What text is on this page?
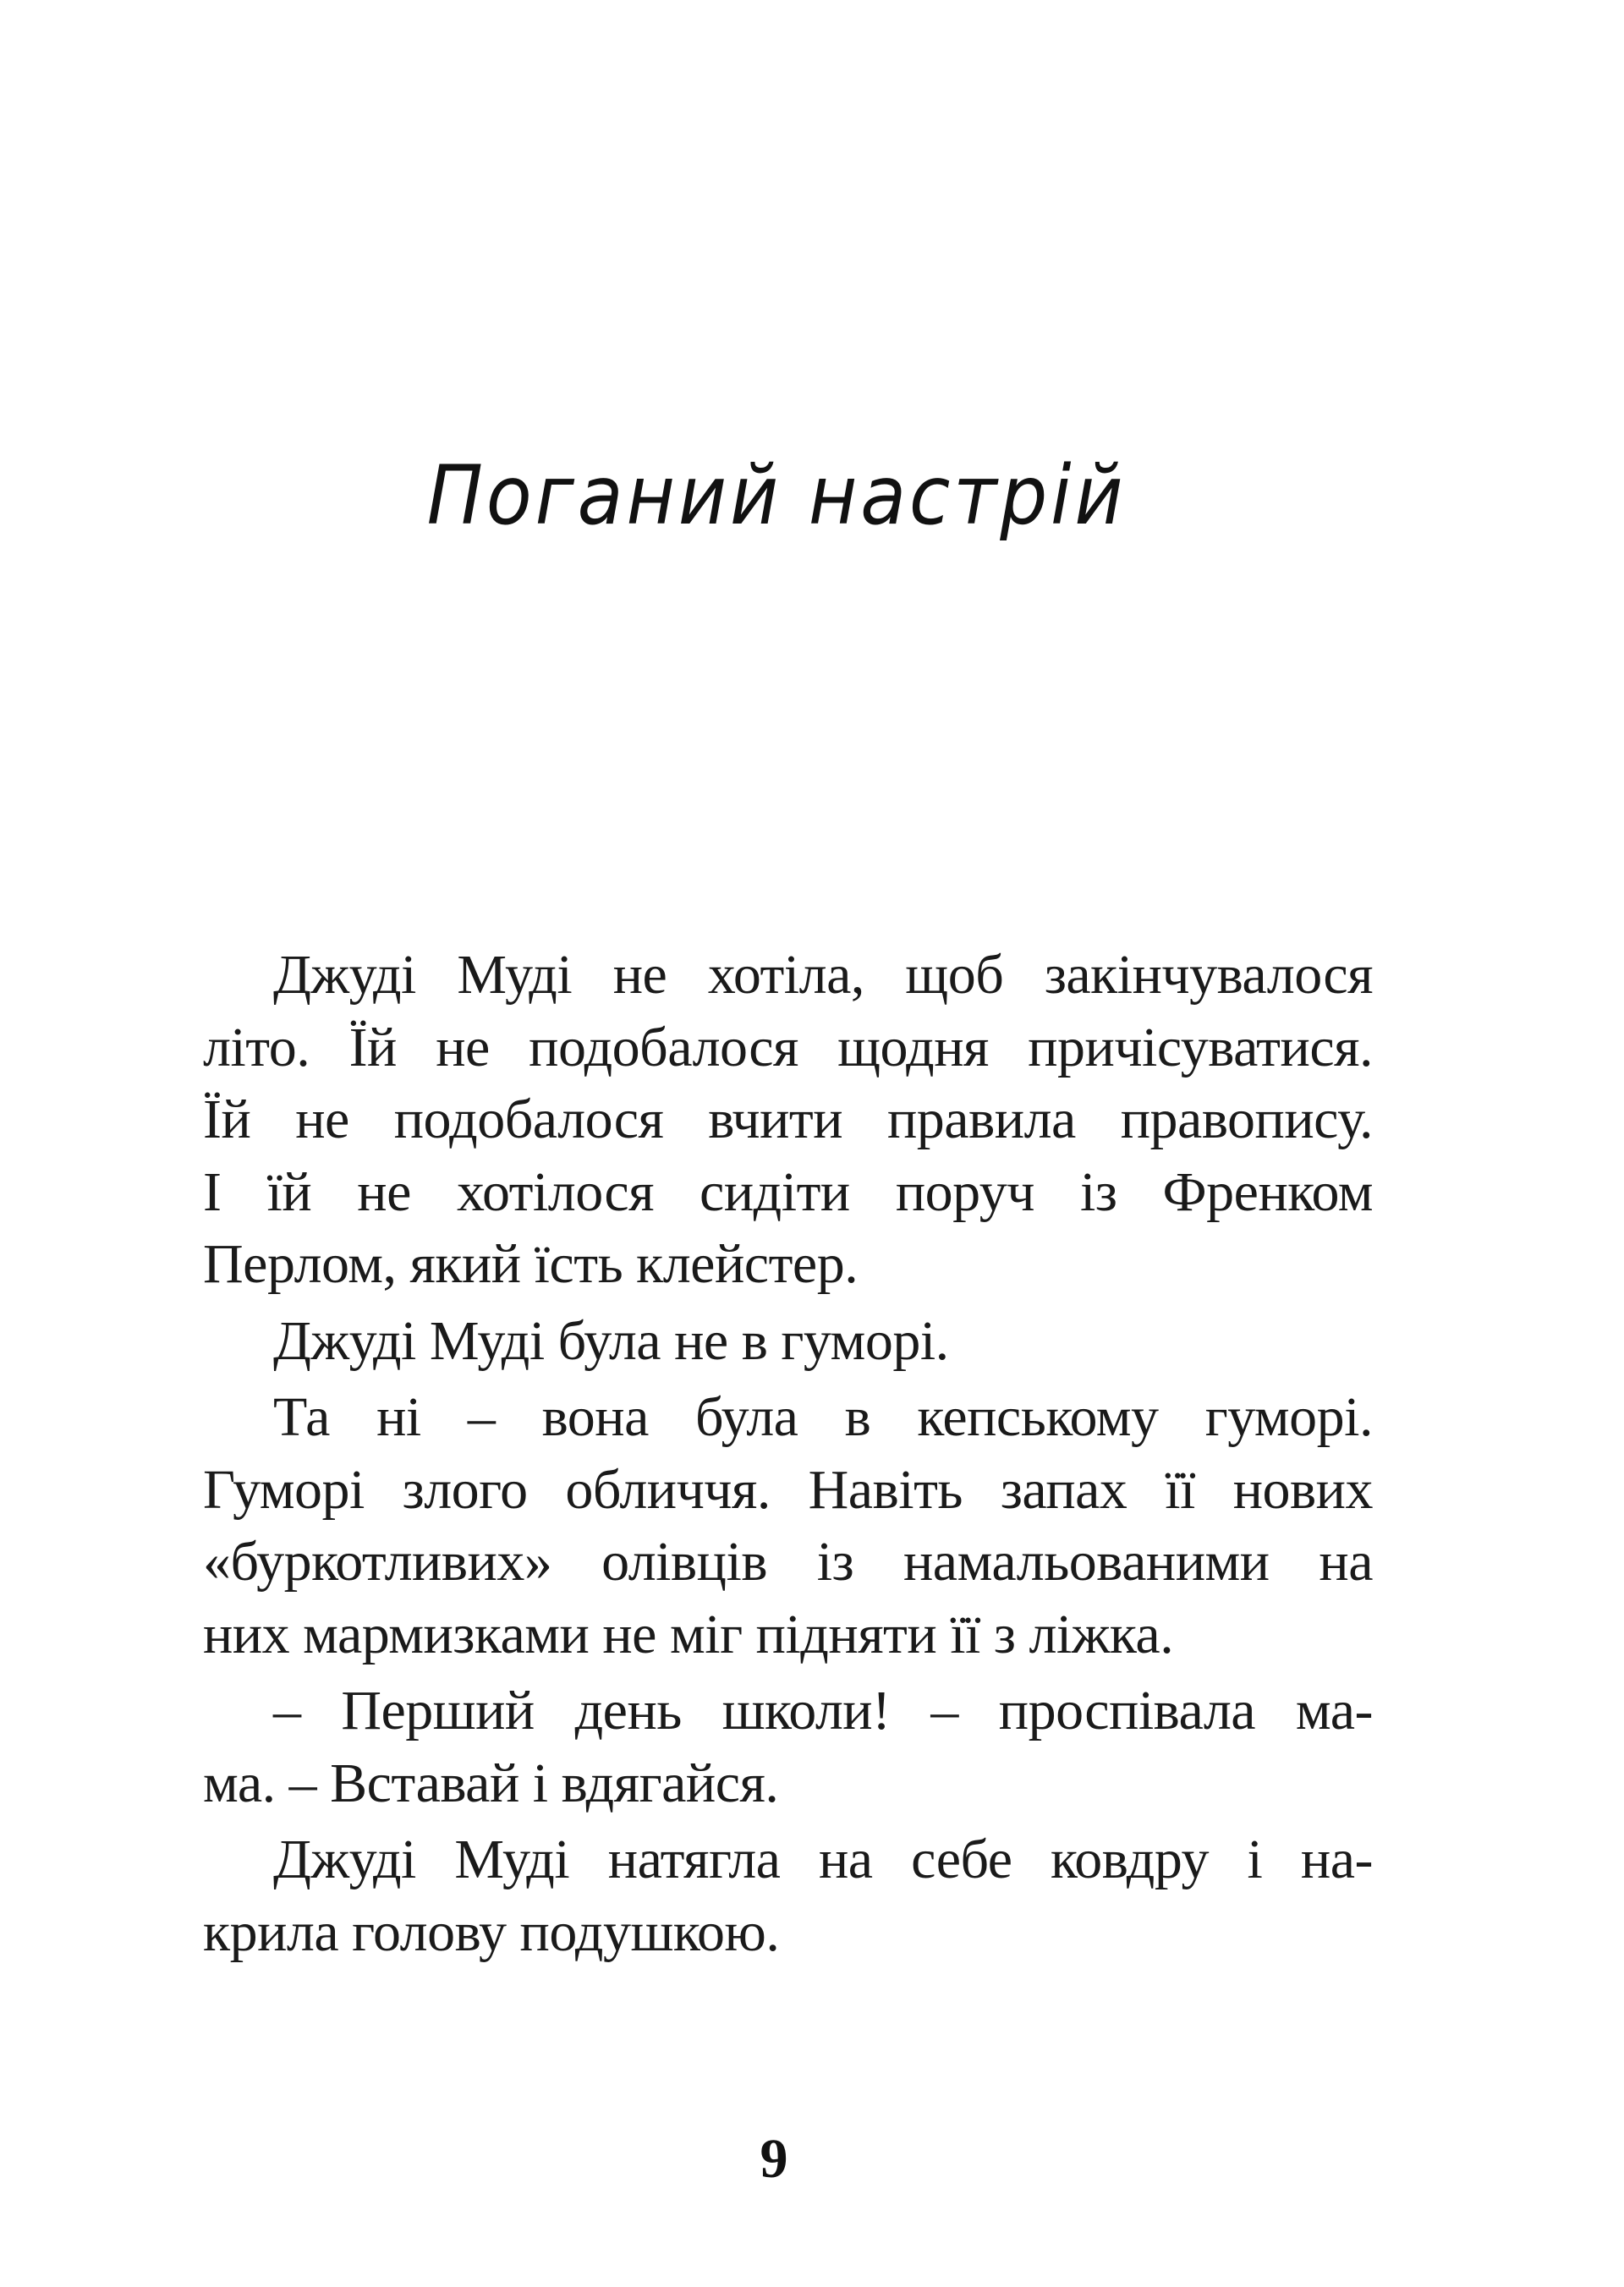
Поганий настрій
Джуді Муді не хотіла, щоб закінчувалося
літо. Їй не подобалося щодня причісуватися.
Їй не подобалося вчити правила правопису.
І їй не хотілося сидіти поруч із Френком
Перлом, який їсть клейстер.
Джуді Муді була не в гуморі.
Та ні – вона була в кепському гуморі.
Гуморі злого обличчя. Навіть запах її нових
«буркотливих» олівців із намальованими на
них мармизками не міг підняти її з ліжка.
– Перший день школи! – проспівала ма-
ма. – Вставай і вдягайся.
Джуді Муді натягла на себе ковдру і на-
крила голову подушкою.
9
